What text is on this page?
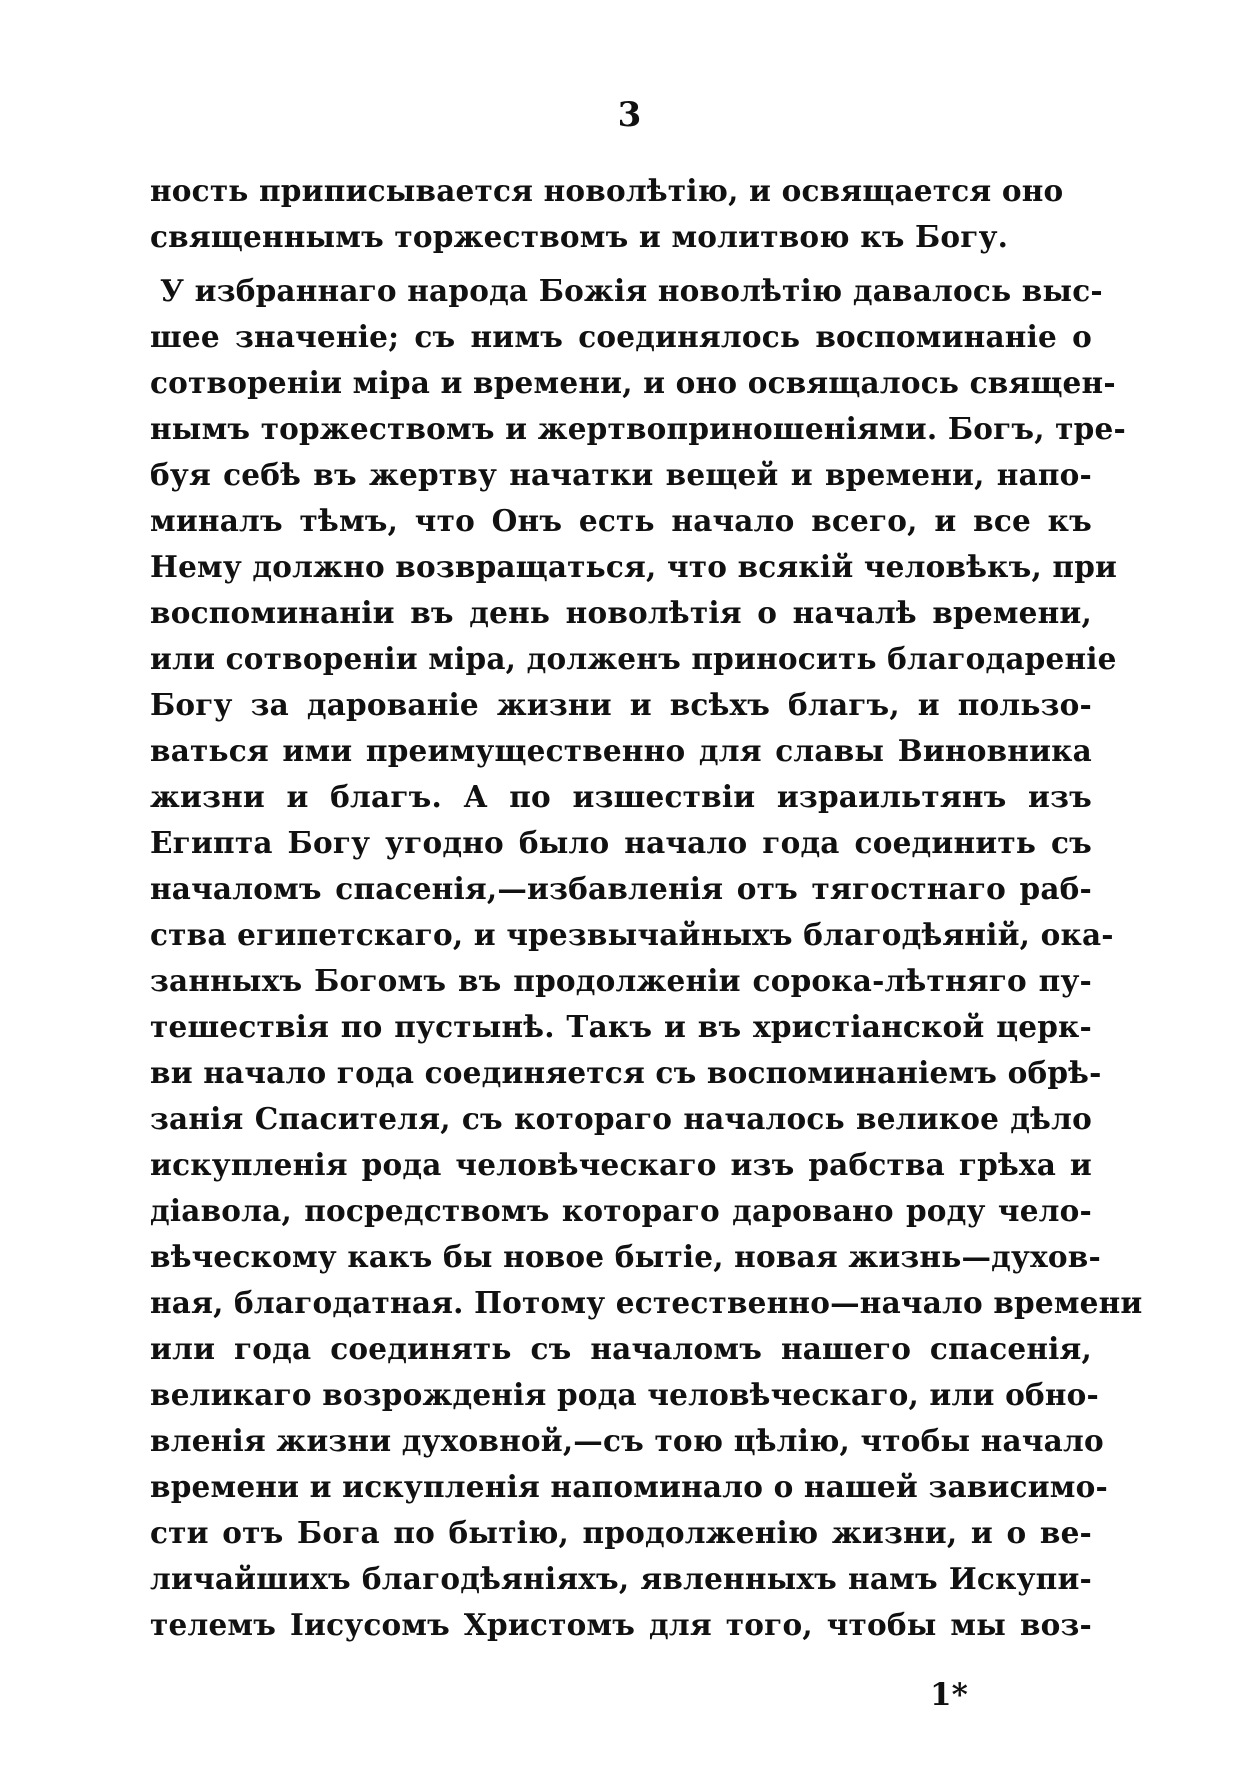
3
ность приписывается новолѣтію, и освящается оно
священнымъ торжествомъ и молитвою къ Богу.
У избраннаго народа Божія новолѣтію давалось выс-
шее значеніе; съ нимъ соединялось воспоминаніе о
сотвореніи міра и времени, и оно освящалось священ-
нымъ торжествомъ и жертвоприношеніями. Богъ, тре-
буя себѣ въ жертву начатки вещей и времени, напо-
миналъ тѣмъ, что Онъ есть начало всего, и все къ
Нему должно возвращаться, что всякій человѣкъ, при
воспоминаніи въ день новолѣтія о началѣ времени,
или сотвореніи міра, долженъ приносить благодареніе
Богу за дарованіе жизни и всѣхъ благъ, и пользо-
ваться ими преимущественно для славы Виновника
жизни и благъ. А по изшествіи израильтянъ изъ
Египта Богу угодно было начало года соединить съ
началомъ спасенія,—избавленія отъ тягостнаго раб-
ства египетскаго, и чрезвычайныхъ благодѣяній, ока-
занныхъ Богомъ въ продолженіи сорока-лѣтняго пу-
тешествія по пустынѣ. Такъ и въ христіанской церк-
ви начало года соединяется съ воспоминаніемъ обрѣ-
занія Спасителя, съ котораго началось великое дѣло
искупленія рода человѣческаго изъ рабства грѣха и
діавола, посредствомъ котораго даровано роду чело-
вѣческому какъ бы новое бытіе, новая жизнь—духов-
ная, благодатная. Потому естественно—начало времени
или года соединять съ началомъ нашего спасенія,
великаго возрожденія рода человѣческаго, или обно-
вленія жизни духовной,—съ тою цѣлію, чтобы начало
времени и искупленія напоминало о нашей зависимо-
сти отъ Бога по бытію, продолженію жизни, и о ве-
личайшихъ благодѣяніяхъ, явленныхъ намъ Искупи-
телемъ Іисусомъ Христомъ для того, чтобы мы воз-
1*
